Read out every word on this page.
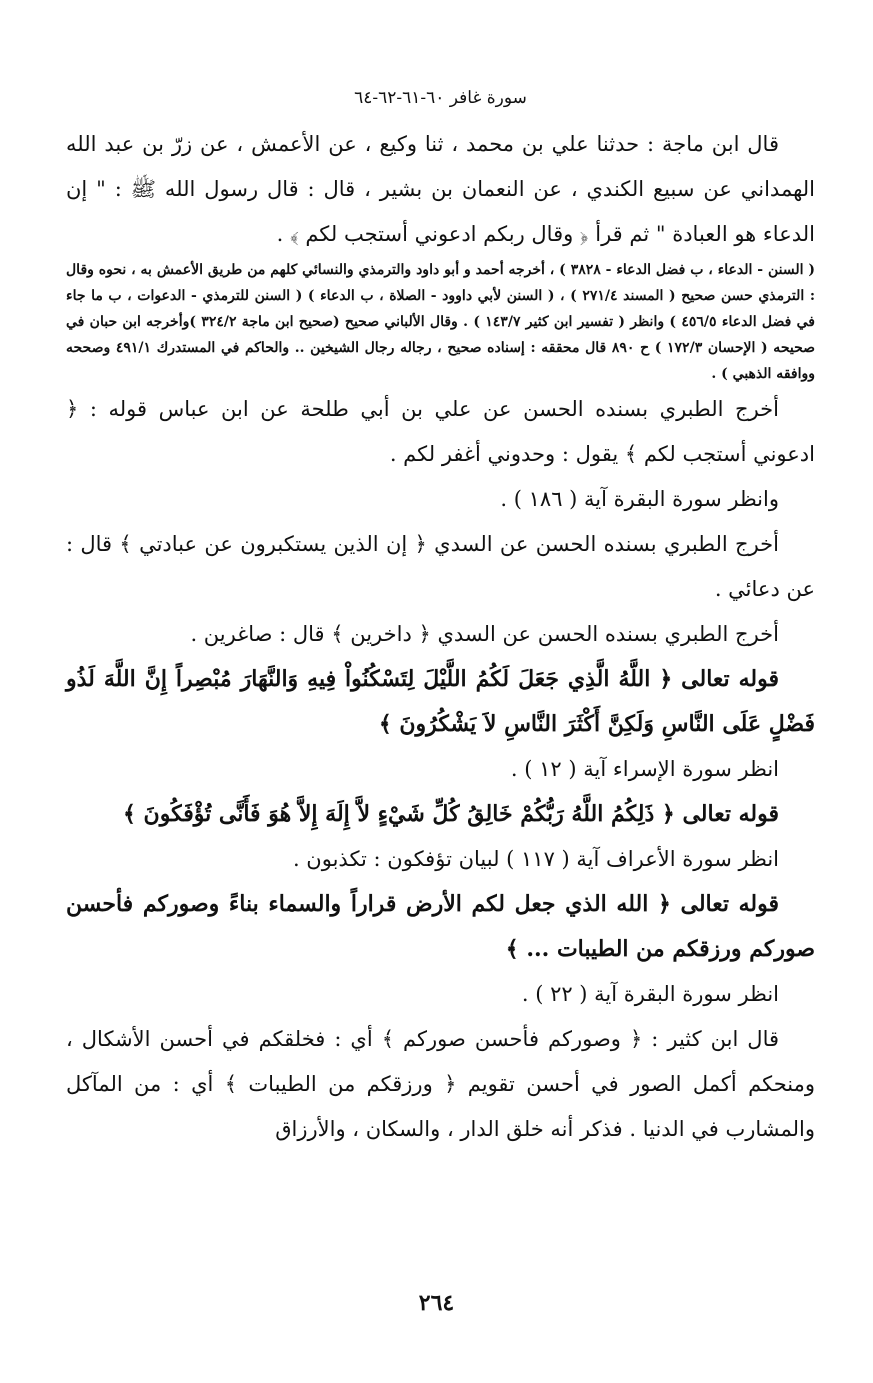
سورة غافر ٦٠-٦١-٦٢-٦٤

قال ابن ماجة : حدثنا علي بن محمد ، ثنا وكيع ، عن الأعمش ، عن زرّ بن عبد الله الهمداني عن سبيع الكندي ، عن النعمان بن بشير ، قال : قال رسول الله ﷺ : " إن الدعاء هو العبادة " ثم قرأ ﴿ وقال ربكم ادعوني أستجب لكم ﴾ .

( السنن - الدعاء ، ب فضل الدعاء - ٣٨٢٨ ) ، أخرجه أحمد و أبو داود والترمذي والنسائي كلهم من طريق الأعمش به ، نحوه وقال : الترمذي حسن صحيح ( المسند ٢٧١/٤ ) ، ( السنن لأبي داوود - الصلاة ، ب الدعاء ) ( السنن للترمذي - الدعوات ، ب ما جاء في فضل الدعاء ٤٥٦/٥ ) وانظر ( تفسير ابن كثير ١٤٣/٧ ) . وقال الألباني صحيح (صحيح ابن ماجة ٣٢٤/٢ )وأخرجه ابن حبان في صحيحه ( الإحسان ١٧٢/٣ ) ح ٨٩٠ قال محققه : إسناده صحيح ، رجاله رجال الشيخين .. والحاكم في المستدرك ٤٩١/١ وصححه ووافقه الذهبي ) .

أخرج الطبري بسنده الحسن عن علي بن أبي طلحة عن ابن عباس قوله : ﴿ ادعوني أستجب لكم ﴾ يقول : وحدوني أغفر لكم .

وانظر سورة البقرة آية ( ١٨٦ ) .

أخرج الطبري بسنده الحسن عن السدي ﴿ إن الذين يستكبرون عن عبادتي ﴾ قال : عن دعائي .

أخرج الطبري بسنده الحسن عن السدي ﴿ داخرين ﴾ قال : صاغرين .

قوله تعالى ﴿ اللَّهُ الَّذِي جَعَلَ لَكُمُ اللَّيْلَ لِتَسْكُنُواْ فِيهِ وَالنَّهَارَ مُبْصِراً إِنَّ اللَّهَ لَذُو فَضْلٍ عَلَى النَّاسِ وَلَكِنَّ أَكْثَرَ النَّاسِ لاَ يَشْكُرُونَ ﴾

انظر سورة الإسراء آية ( ١٢ ) .

قوله تعالى ﴿ ذَلِكُمُ اللَّهُ رَبُّكُمْ خَالِقُ كُلِّ شَيْءٍ لاَّ إِلَهَ إِلاَّ هُوَ فَأَنَّى تُؤْفَكُونَ ﴾

انظر سورة الأعراف آية ( ١١٧ ) لبيان تؤفكون : تكذبون .

قوله تعالى ﴿ الله الذي جعل لكم الأرض قراراً والسماء بناءً وصوركم فأحسن صوركم ورزقكم من الطيبات ... ﴾

انظر سورة البقرة آية ( ٢٢ ) .

قال ابن كثير : ﴿ وصوركم فأحسن صوركم ﴾ أي : فخلقكم في أحسن الأشكال ، ومنحكم أكمل الصور في أحسن تقويم ﴿ ورزقكم من الطيبات ﴾ أي : من المآكل والمشارب في الدنيا . فذكر أنه خلق الدار ، والسكان ، والأرزاق

٢٦٤
